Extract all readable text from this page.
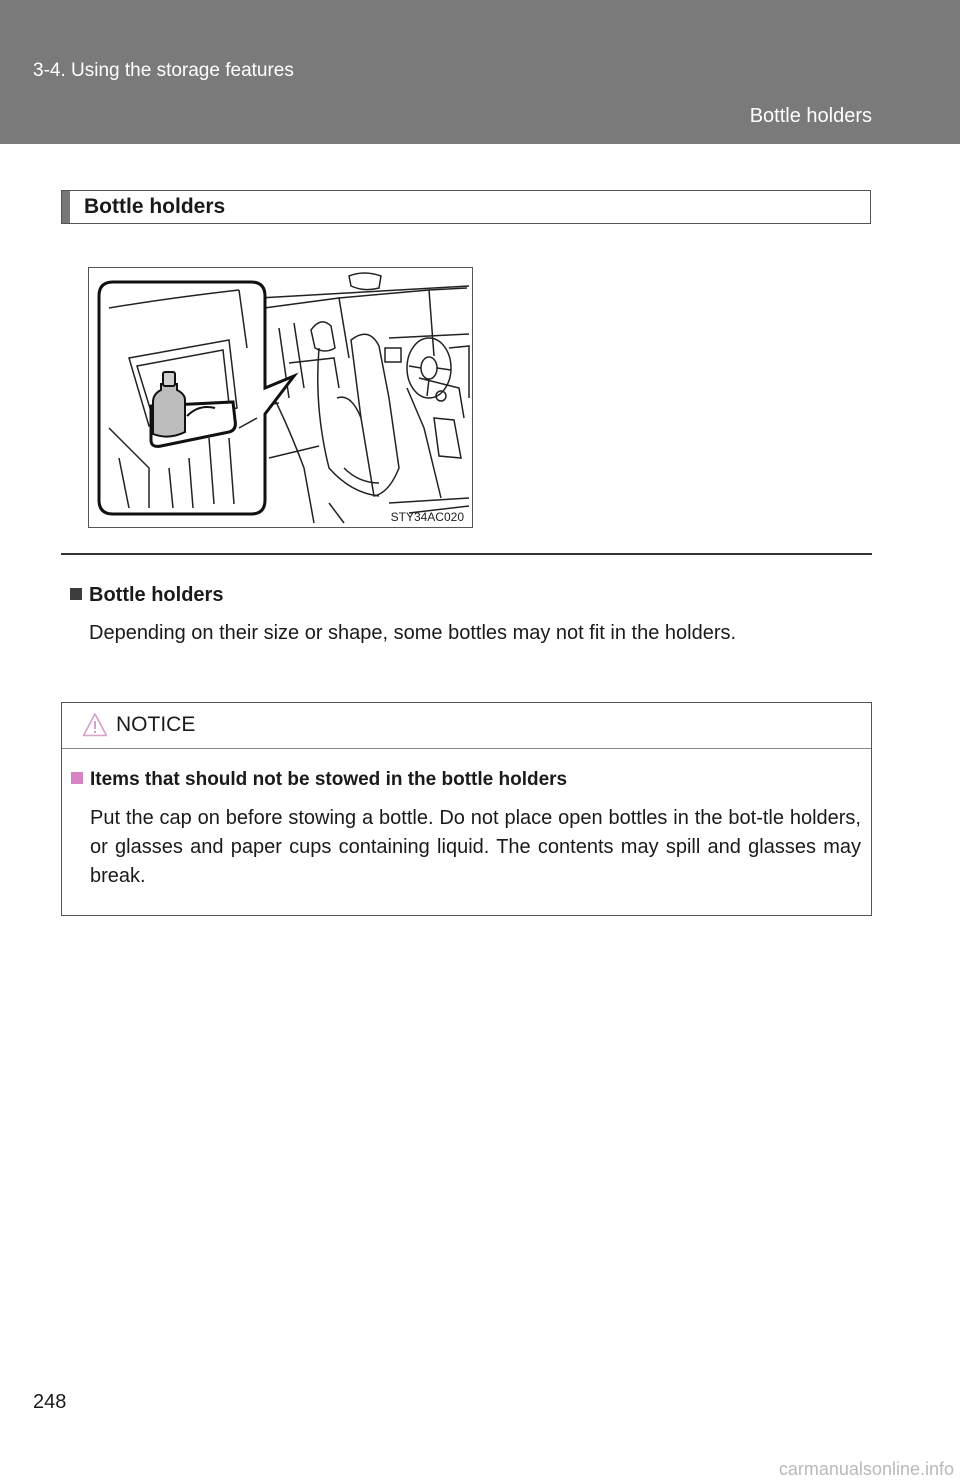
3-4. Using the storage features
Bottle holders
Bottle holders
STY34AC020
Bottle holders
Depending on their size or shape, some bottles may not fit in the holders.
NOTICE
Items that should not be stowed in the bottle holders
Put the cap on before stowing a bottle. Do not place open bottles in the bot-tle holders, or glasses and paper cups containing liquid. The contents may spill and glasses may break.
248
carmanualsonline.info
